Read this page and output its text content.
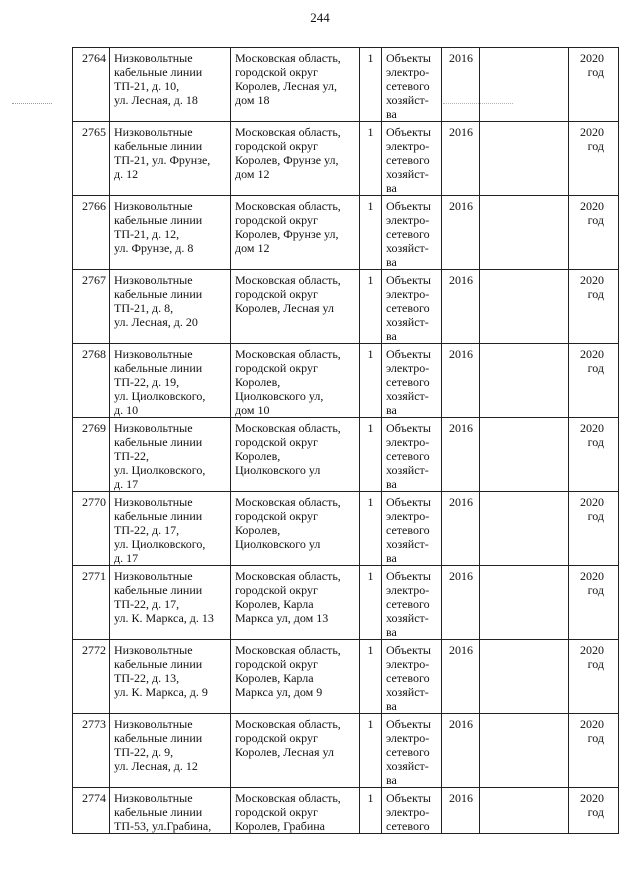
244
2764	Низковольтные
кабельные линии
ТП-21, д. 10,
ул. Лесная, д. 18	Московская область,
городской округ
Королев, Лесная ул,
дом 18	1	Объекты
электро-
сетевого
хозяйст-
ва	2016		2020
год
2765	Низковольтные
кабельные линии
ТП-21, ул. Фрунзе,
д. 12	Московская область,
городской округ
Королев, Фрунзе ул,
дом 12	1	Объекты
электро-
сетевого
хозяйст-
ва	2016		2020
год
2766	Низковольтные
кабельные линии
ТП-21, д. 12,
ул. Фрунзе, д. 8	Московская область,
городской округ
Королев, Фрунзе ул,
дом 12	1	Объекты
электро-
сетевого
хозяйст-
ва	2016		2020
год
2767	Низковольтные
кабельные линии
ТП-21, д. 8,
ул. Лесная, д. 20	Московская область,
городской округ
Королев, Лесная ул	1	Объекты
электро-
сетевого
хозяйст-
ва	2016		2020
год
2768	Низковольтные
кабельные линии
ТП-22, д. 19,
ул. Циолковского,
д. 10	Московская область,
городской округ
Королев,
Циолковского ул,
дом 10	1	Объекты
электро-
сетевого
хозяйст-
ва	2016		2020
год
2769	Низковольтные
кабельные линии
ТП-22,
ул. Циолковского,
д. 17	Московская область,
городской округ
Королев,
Циолковского ул	1	Объекты
электро-
сетевого
хозяйст-
ва	2016		2020
год
2770	Низковольтные
кабельные линии
ТП-22, д. 17,
ул. Циолковского,
д. 17	Московская область,
городской округ
Королев,
Циолковского ул	1	Объекты
электро-
сетевого
хозяйст-
ва	2016		2020
год
2771	Низковольтные
кабельные линии
ТП-22, д. 17,
ул. К. Маркса, д. 13	Московская область,
городской округ
Королев, Карла
Маркса ул, дом 13	1	Объекты
электро-
сетевого
хозяйст-
ва	2016		2020
год
2772	Низковольтные
кабельные линии
ТП-22, д. 13,
ул. К. Маркса, д. 9	Московская область,
городской округ
Королев, Карла
Маркса ул, дом 9	1	Объекты
электро-
сетевого
хозяйст-
ва	2016		2020
год
2773	Низковольтные
кабельные линии
ТП-22, д. 9,
ул. Лесная, д. 12	Московская область,
городской округ
Королев, Лесная ул	1	Объекты
электро-
сетевого
хозяйст-
ва	2016		2020
год
2774	Низковольтные
кабельные линии
ТП-53, ул.Грабина,	Московская область,
городской округ
Королев, Грабина	1	Объекты
электро-
сетевого	2016		2020
год
